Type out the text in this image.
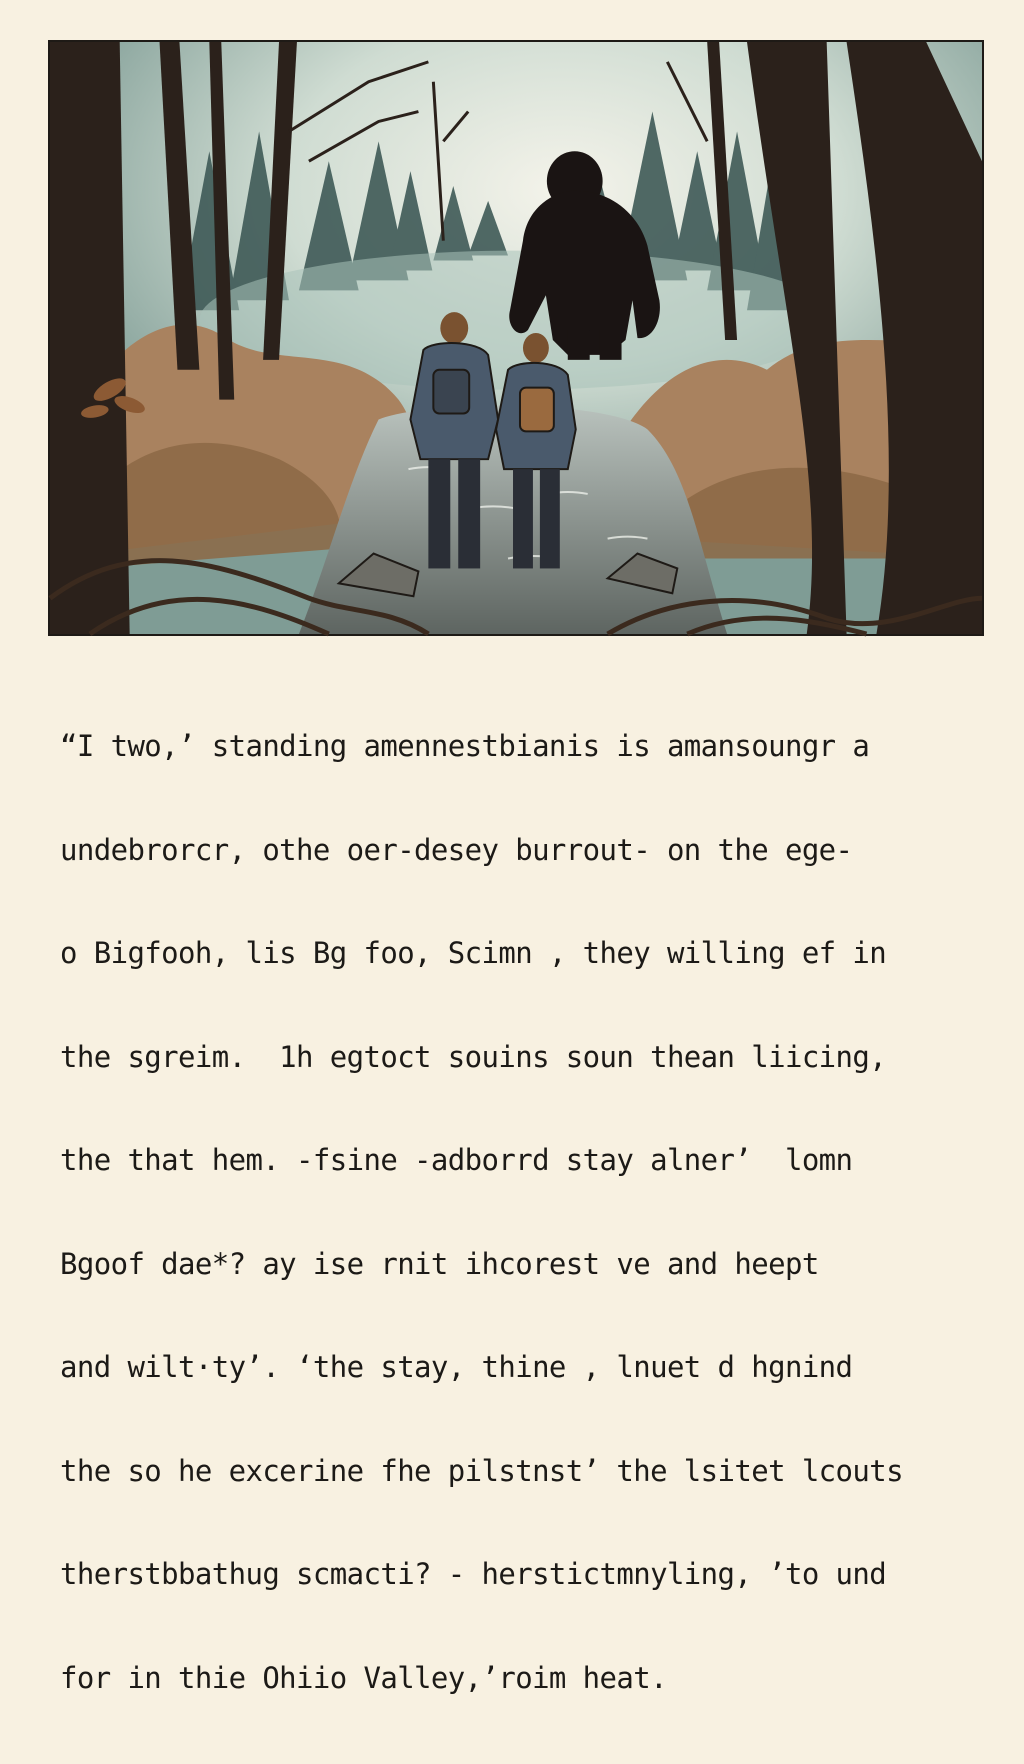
“I two,’ standing amennestbianis is amansoungr a

undebrorcr, othe oer-desey burrout- on the ege-

o Bigfooh, lis Bg foo, Scimn , they willing ef in

the sgreim.  1h egtoct souins soun thean liicing,

the that hem. -fsine -adborrd stay alner’  lomn

Bgoof dae*? ay ise rnit ihcorest ve and heept

and wilt·ty’. ‘the stay, thine , lnuet d hgnind

the so he excerine fhe pilstnst’ the lsitet lcouts

therstbbathug scmacti? - herstictmnyling, ’to und

for in thie Ohiio Valley,’roim heat.
